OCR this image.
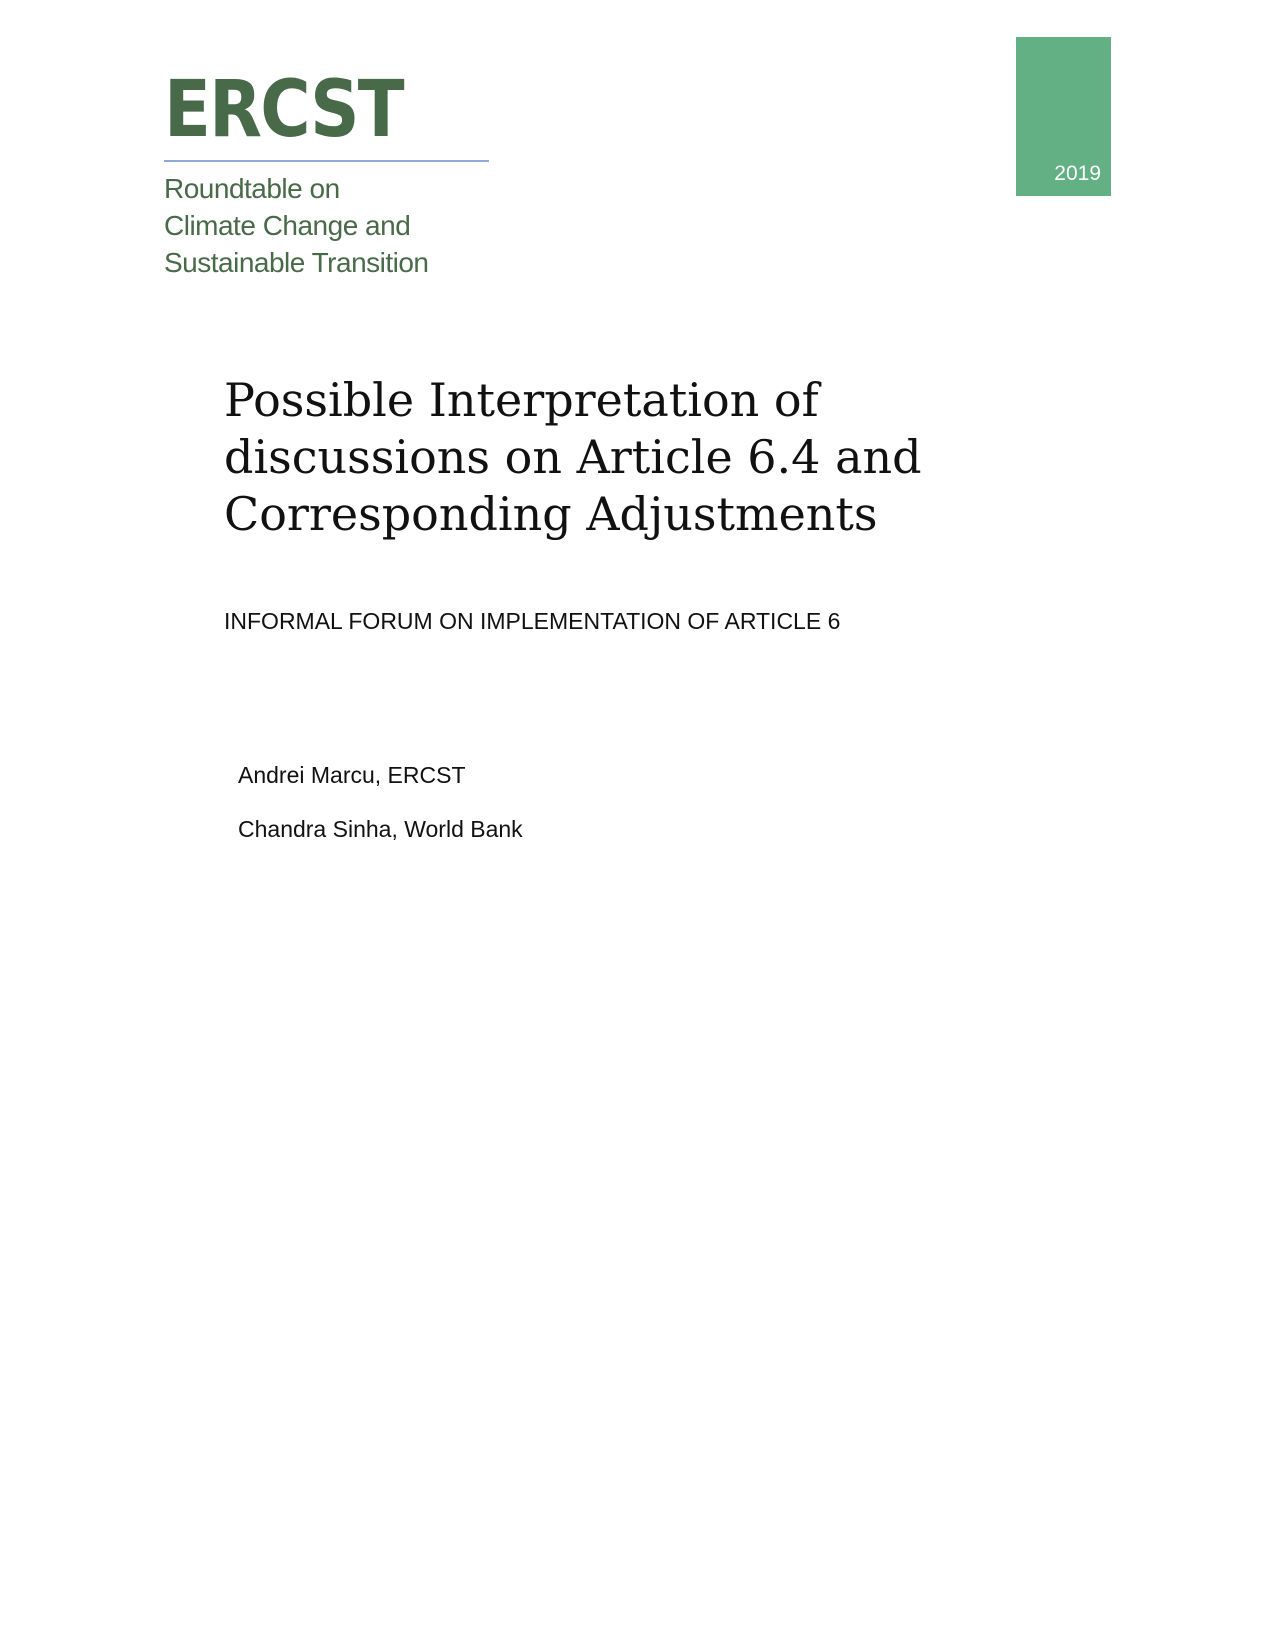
ERCST
Roundtable on
Climate Change and
Sustainable Transition
2019
Possible Interpretation of
discussions on Article 6.4 and
Corresponding Adjustments
INFORMAL FORUM ON IMPLEMENTATION OF ARTICLE 6
Andrei Marcu, ERCST
Chandra Sinha, World Bank
